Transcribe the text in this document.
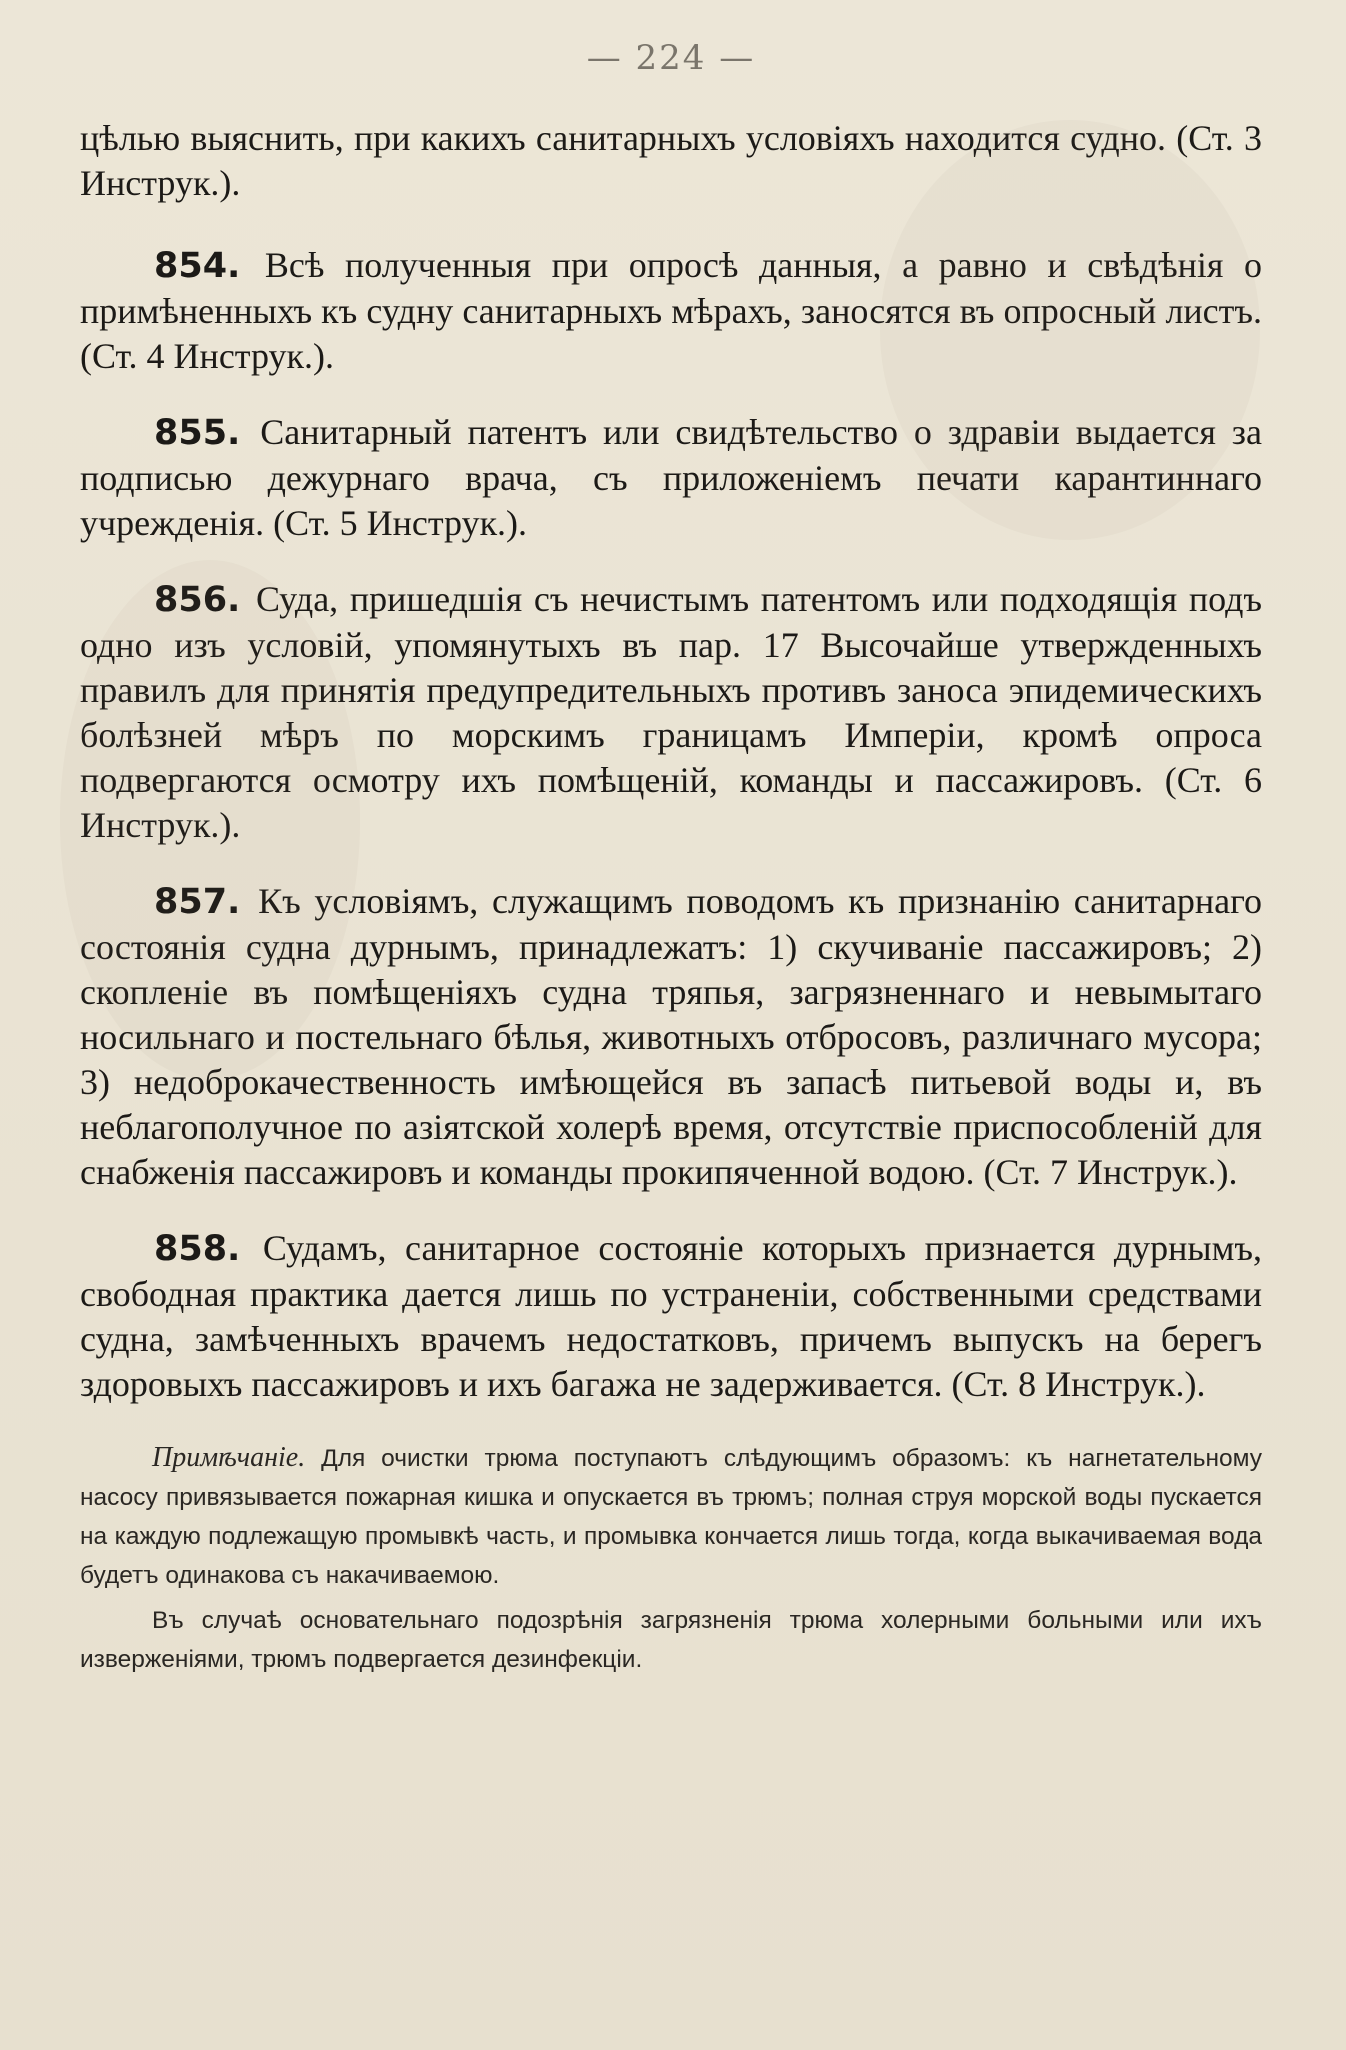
— 224 —

цѣлью выяснить, при какихъ санитарныхъ условіяхъ находится судно. (Ст. 3 Инструк.).

854. Всѣ полученныя при опросѣ данныя, а равно и свѣдѣнія о примѣненныхъ къ судну санитарныхъ мѣрахъ, заносятся въ опросный листъ. (Ст. 4 Инструк.).

855. Санитарный патентъ или свидѣтельство о здравіи выдается за подписью дежурнаго врача, съ приложеніемъ печати карантиннаго учрежденія. (Ст. 5 Инструк.).

856. Суда, пришедшія съ нечистымъ патентомъ или подходящія подъ одно изъ условій, упомянутыхъ въ пар. 17 Высочайше утвержденныхъ правилъ для принятія предупредительныхъ противъ заноса эпидемическихъ болѣзней мѣръ по морскимъ границамъ Имперіи, кромѣ опроса подвергаются осмотру ихъ помѣщеній, команды и пассажировъ. (Ст. 6 Инструк.).

857. Къ условіямъ, служащимъ поводомъ къ признанію санитарнаго состоянія судна дурнымъ, принадлежатъ: 1) скучиваніе пассажировъ; 2) скопленіе въ помѣщеніяхъ судна тряпья, загрязненнаго и невымытаго носильнаго и постельнаго бѣлья, животныхъ отбросовъ, различнаго мусора; 3) недоброкачественность имѣющейся въ запасѣ питьевой воды и, въ неблагополучное по азіятской холерѣ время, отсутствіе приспособленій для снабженія пассажировъ и команды прокипяченной водою. (Ст. 7 Инструк.).

858. Судамъ, санитарное состояніе которыхъ признается дурнымъ, свободная практика дается лишь по устраненіи, собственными средствами судна, замѣченныхъ врачемъ недостатковъ, причемъ выпускъ на берегъ здоровыхъ пассажировъ и ихъ багажа не задерживается. (Ст. 8 Инструк.).

Примѣчаніе. Для очистки трюма поступаютъ слѣдующимъ образомъ: къ нагнетательному насосу привязывается пожарная кишка и опускается въ трюмъ; полная струя морской воды пускается на каждую подлежащую промывкѣ часть, и промывка кончается лишь тогда, когда выкачиваемая вода будетъ одинакова съ накачиваемою.

Въ случаѣ основательнаго подозрѣнія загрязненія трюма холерными больными или ихъ изверженіями, трюмъ подвергается дезинфекціи.
